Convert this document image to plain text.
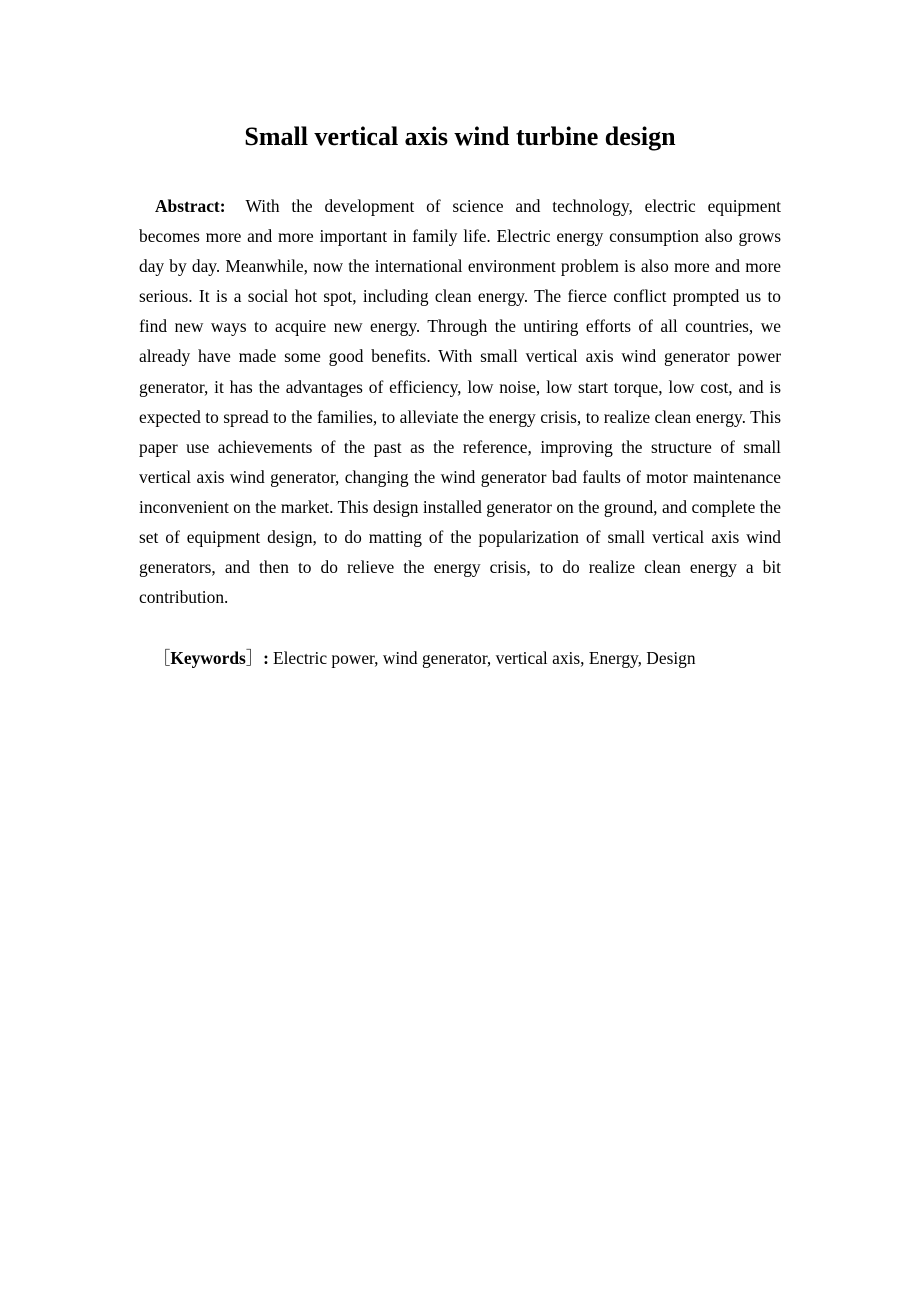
Small vertical axis wind turbine design

Abstract: With the development of science and technology, electric equipment becomes more and more important in family life. Electric energy consumption also grows day by day. Meanwhile, now the international environment problem is also more and more serious. It is a social hot spot, including clean energy. The fierce conflict prompted us to find new ways to acquire new energy. Through the untiring efforts of all countries, we already have made some good benefits. With small vertical axis wind generator power generator, it has the advantages of efficiency, low noise, low start torque, low cost, and is expected to spread to the families, to alleviate the energy crisis, to realize clean energy. This paper use achievements of the past as the reference, improving the structure of small vertical axis wind generator, changing the wind generator bad faults of motor maintenance inconvenient on the market. This design installed generator on the ground, and complete the set of equipment design, to do matting of the popularization of small vertical axis wind generators, and then to do relieve the energy crisis, to do realize clean energy a bit contribution.

［Keywords］: Electric power, wind generator, vertical axis, Energy, Design
